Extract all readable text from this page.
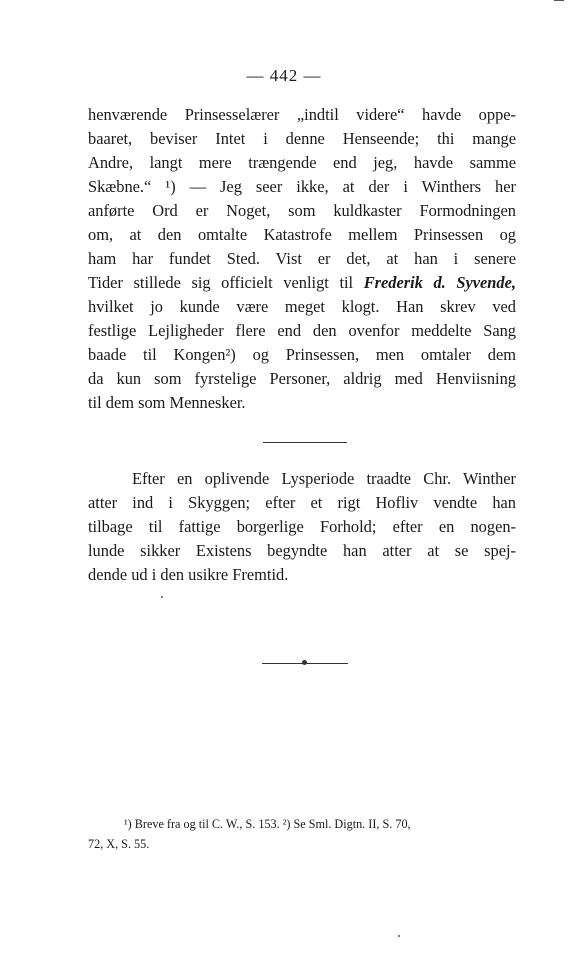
— 442 —
henværende Prinsesselærer „indtil videre“ havde oppe-
baaret, beviser Intet i denne Henseende; thi mange
Andre, langt mere trængende end jeg, havde samme
Skæbne.“ ¹) — Jeg seer ikke, at der i Winthers her
anførte Ord er Noget, som kuldkaster Formodningen
om, at den omtalte Katastrofe mellem Prinsessen og
ham har fundet Sted. Vist er det, at han i senere
Tider stillede sig officielt venligt til Frederik d. Syvende,
hvilket jo kunde være meget klogt. Han skrev ved
festlige Lejligheder flere end den ovenfor meddelte Sang
baade til Kongen²) og Prinsessen, men omtaler dem
da kun som fyrstelige Personer, aldrig med Henviisning
til dem som Mennesker.
Efter en oplivende Lysperiode traadte Chr. Winther
atter ind i Skyggen; efter et rigt Hofliv vendte han
tilbage til fattige borgerlige Forhold; efter en nogen-
lunde sikker Existens begyndte han atter at se spej-
dende ud i den usikre Fremtid.
¹) Breve fra og til C. W., S. 153. ²) Se Sml. Digtn. II, S. 70,
72, X, S. 55.
